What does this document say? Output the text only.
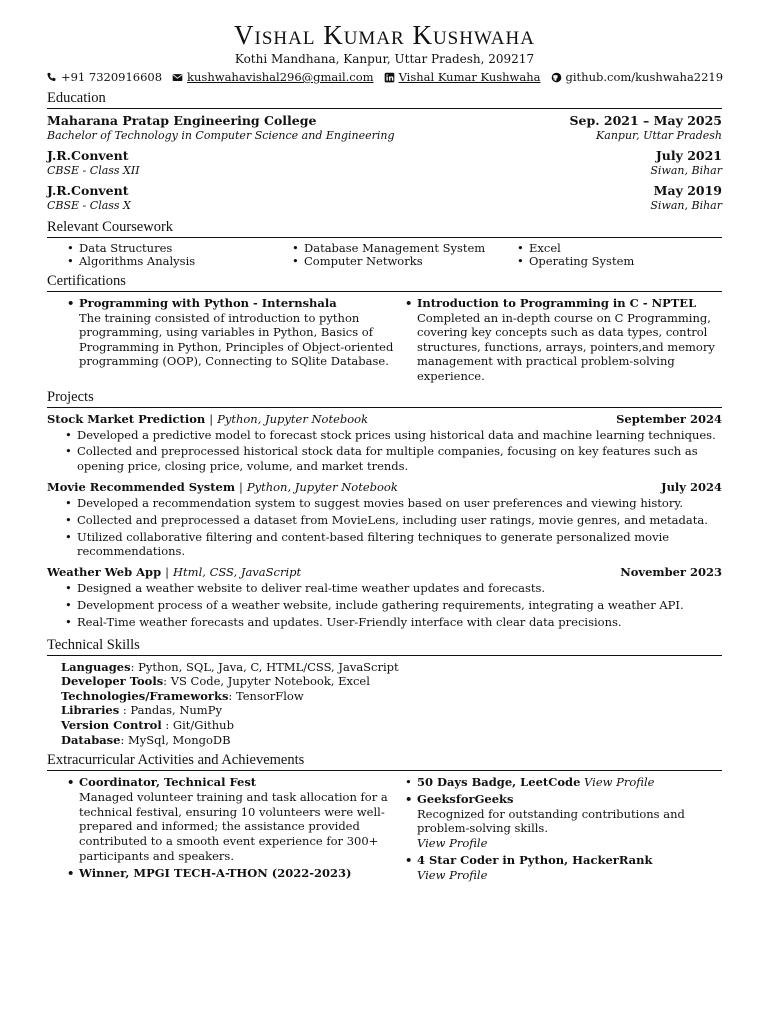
Vishal Kumar Kushwaha
Kothi Mandhana, Kanpur, Uttar Pradesh, 209217
+91 7320916608 kushwahavishal296@gmail.com Vishal Kumar Kushwaha github.com/kushwaha2219
Education
Maharana Pratap Engineering College	Sep. 2021 – May 2025
Bachelor of Technology in Computer Science and Engineering	Kanpur, Uttar Pradesh
J.R.Convent	July 2021
CBSE - Class XII	Siwan, Bihar
J.R.Convent	May 2019
CBSE - Class X	Siwan, Bihar
Relevant Coursework
• Data Structures
• Algorithms Analysis
• Database Management System
• Computer Networks
• Excel
• Operating System
Certifications
• Programming with Python - Internshala
The training consisted of introduction to python programming, using variables in Python, Basics of Programming in Python, Principles of Object-oriented programming (OOP), Connecting to SQlite Database.
• Introduction to Programming in C - NPTEL
Completed an in-depth course on C Programming, covering key concepts such as data types, control structures, functions, arrays, pointers,and memory management with practical problem-solving experience.
Projects
Stock Market Prediction | Python, Jupyter Notebook	September 2024
• Developed a predictive model to forecast stock prices using historical data and machine learning techniques.
• Collected and preprocessed historical stock data for multiple companies, focusing on key features such as opening price, closing price, volume, and market trends.
Movie Recommended System | Python, Jupyter Notebook	July 2024
• Developed a recommendation system to suggest movies based on user preferences and viewing history.
• Collected and preprocessed a dataset from MovieLens, including user ratings, movie genres, and metadata.
• Utilized collaborative filtering and content-based filtering techniques to generate personalized movie recommendations.
Weather Web App | Html, CSS, JavaScript	November 2023
• Designed a weather website to deliver real-time weather updates and forecasts.
• Development process of a weather website, include gathering requirements, integrating a weather API.
• Real-Time weather forecasts and updates. User-Friendly interface with clear data precisions.
Technical Skills
Languages: Python, SQL, Java, C, HTML/CSS, JavaScript
Developer Tools: VS Code, Jupyter Notebook, Excel
Technologies/Frameworks: TensorFlow
Libraries : Pandas, NumPy
Version Control : Git/Github
Database: MySql, MongoDB
Extracurricular Activities and Achievements
• Coordinator, Technical Fest
Managed volunteer training and task allocation for a technical festival, ensuring 10 volunteers were well-prepared and informed; the assistance provided contributed to a smooth event experience for 300+ participants and speakers.
• Winner, MPGI TECH-A-THON (2022-2023)
• 50 Days Badge, LeetCode View Profile
• GeeksforGeeks
Recognized for outstanding contributions and problem-solving skills.
View Profile
• 4 Star Coder in Python, HackerRank
View Profile
